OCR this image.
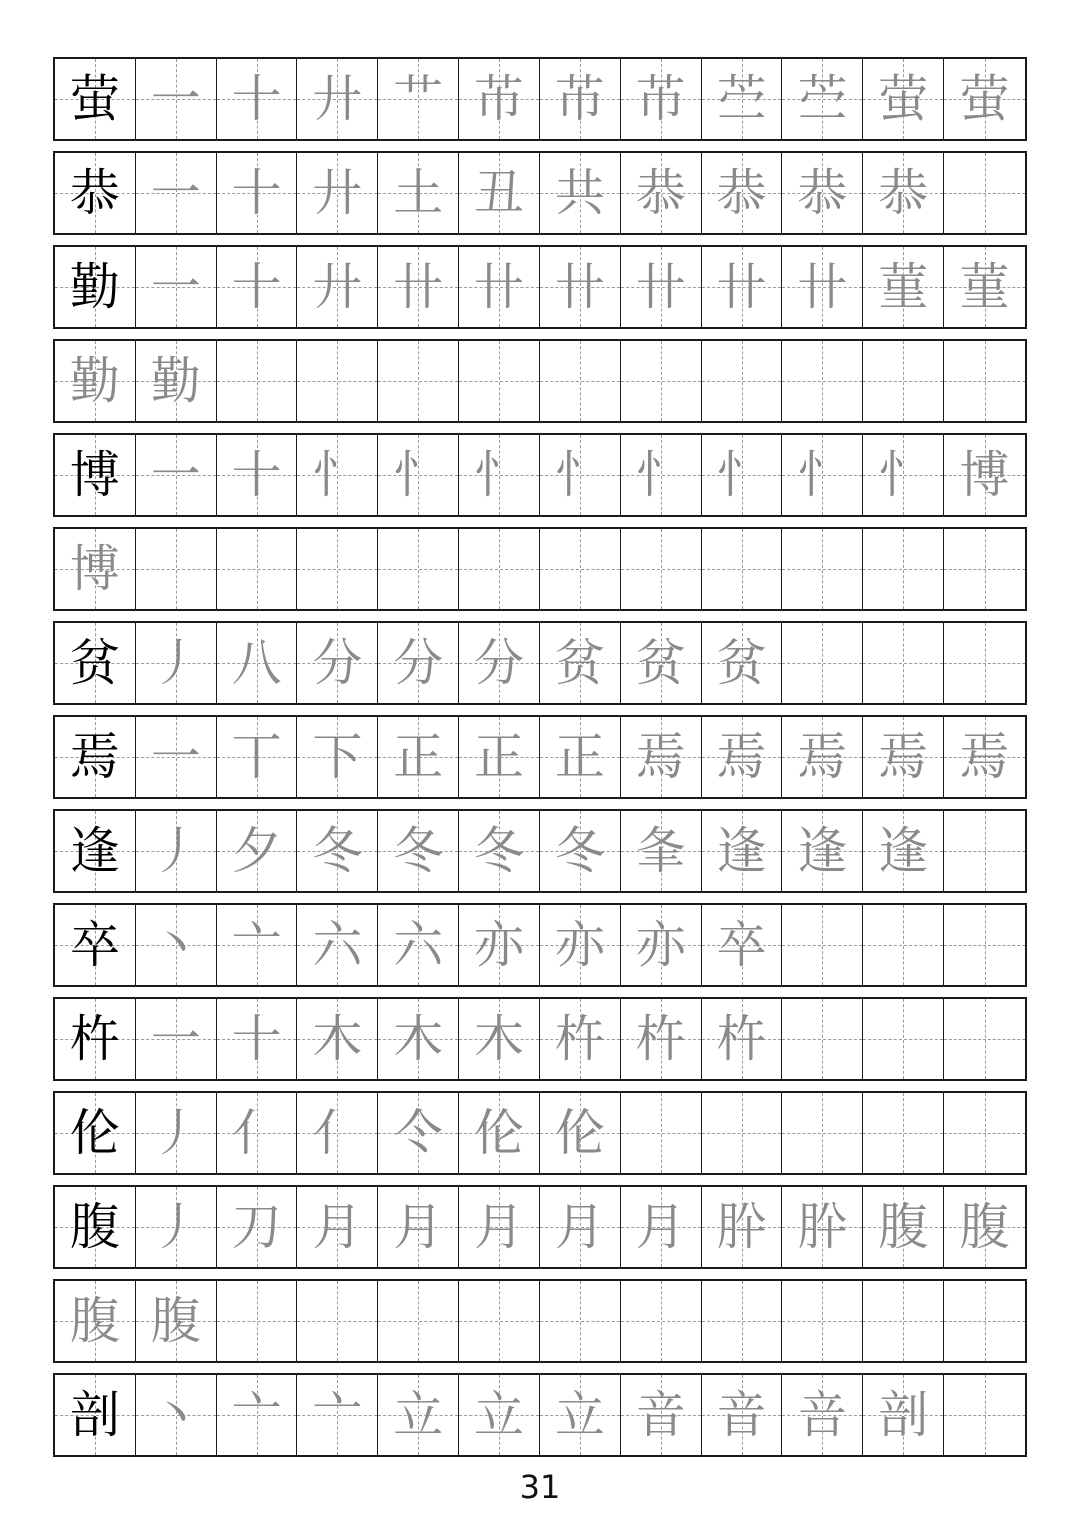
萤 一 十 廾 艹 芇 芇 芇 苎 苎 萤 萤
恭 一 十 廾 土 丑 共 恭 恭 恭 恭
勤 一 十 廾 卄 卄 卄 卄 卄 卄 菫 菫
勤 勤
博 一 十 忄 忄 忄 忄 忄 忄 忄 忄 博
博
贫 丿 八 分 分 分 贫 贫 贫
焉 一 丅 下 正 正 正 焉 焉 焉 焉 焉
逢 丿 夕 冬 冬 冬 冬 夆 逢 逢 逢
卒 丶 亠 六 六 亦 亦 亦 卒
杵 一 十 木 木 木 杵 杵 杵
伦 丿 亻 亻 仒 伦 伦
腹 丿 刀 月 月 月 月 月 肸 肸 腹 腹
腹 腹
剖 丶 亠 亠 立 立 立 音 音 咅 剖
31
